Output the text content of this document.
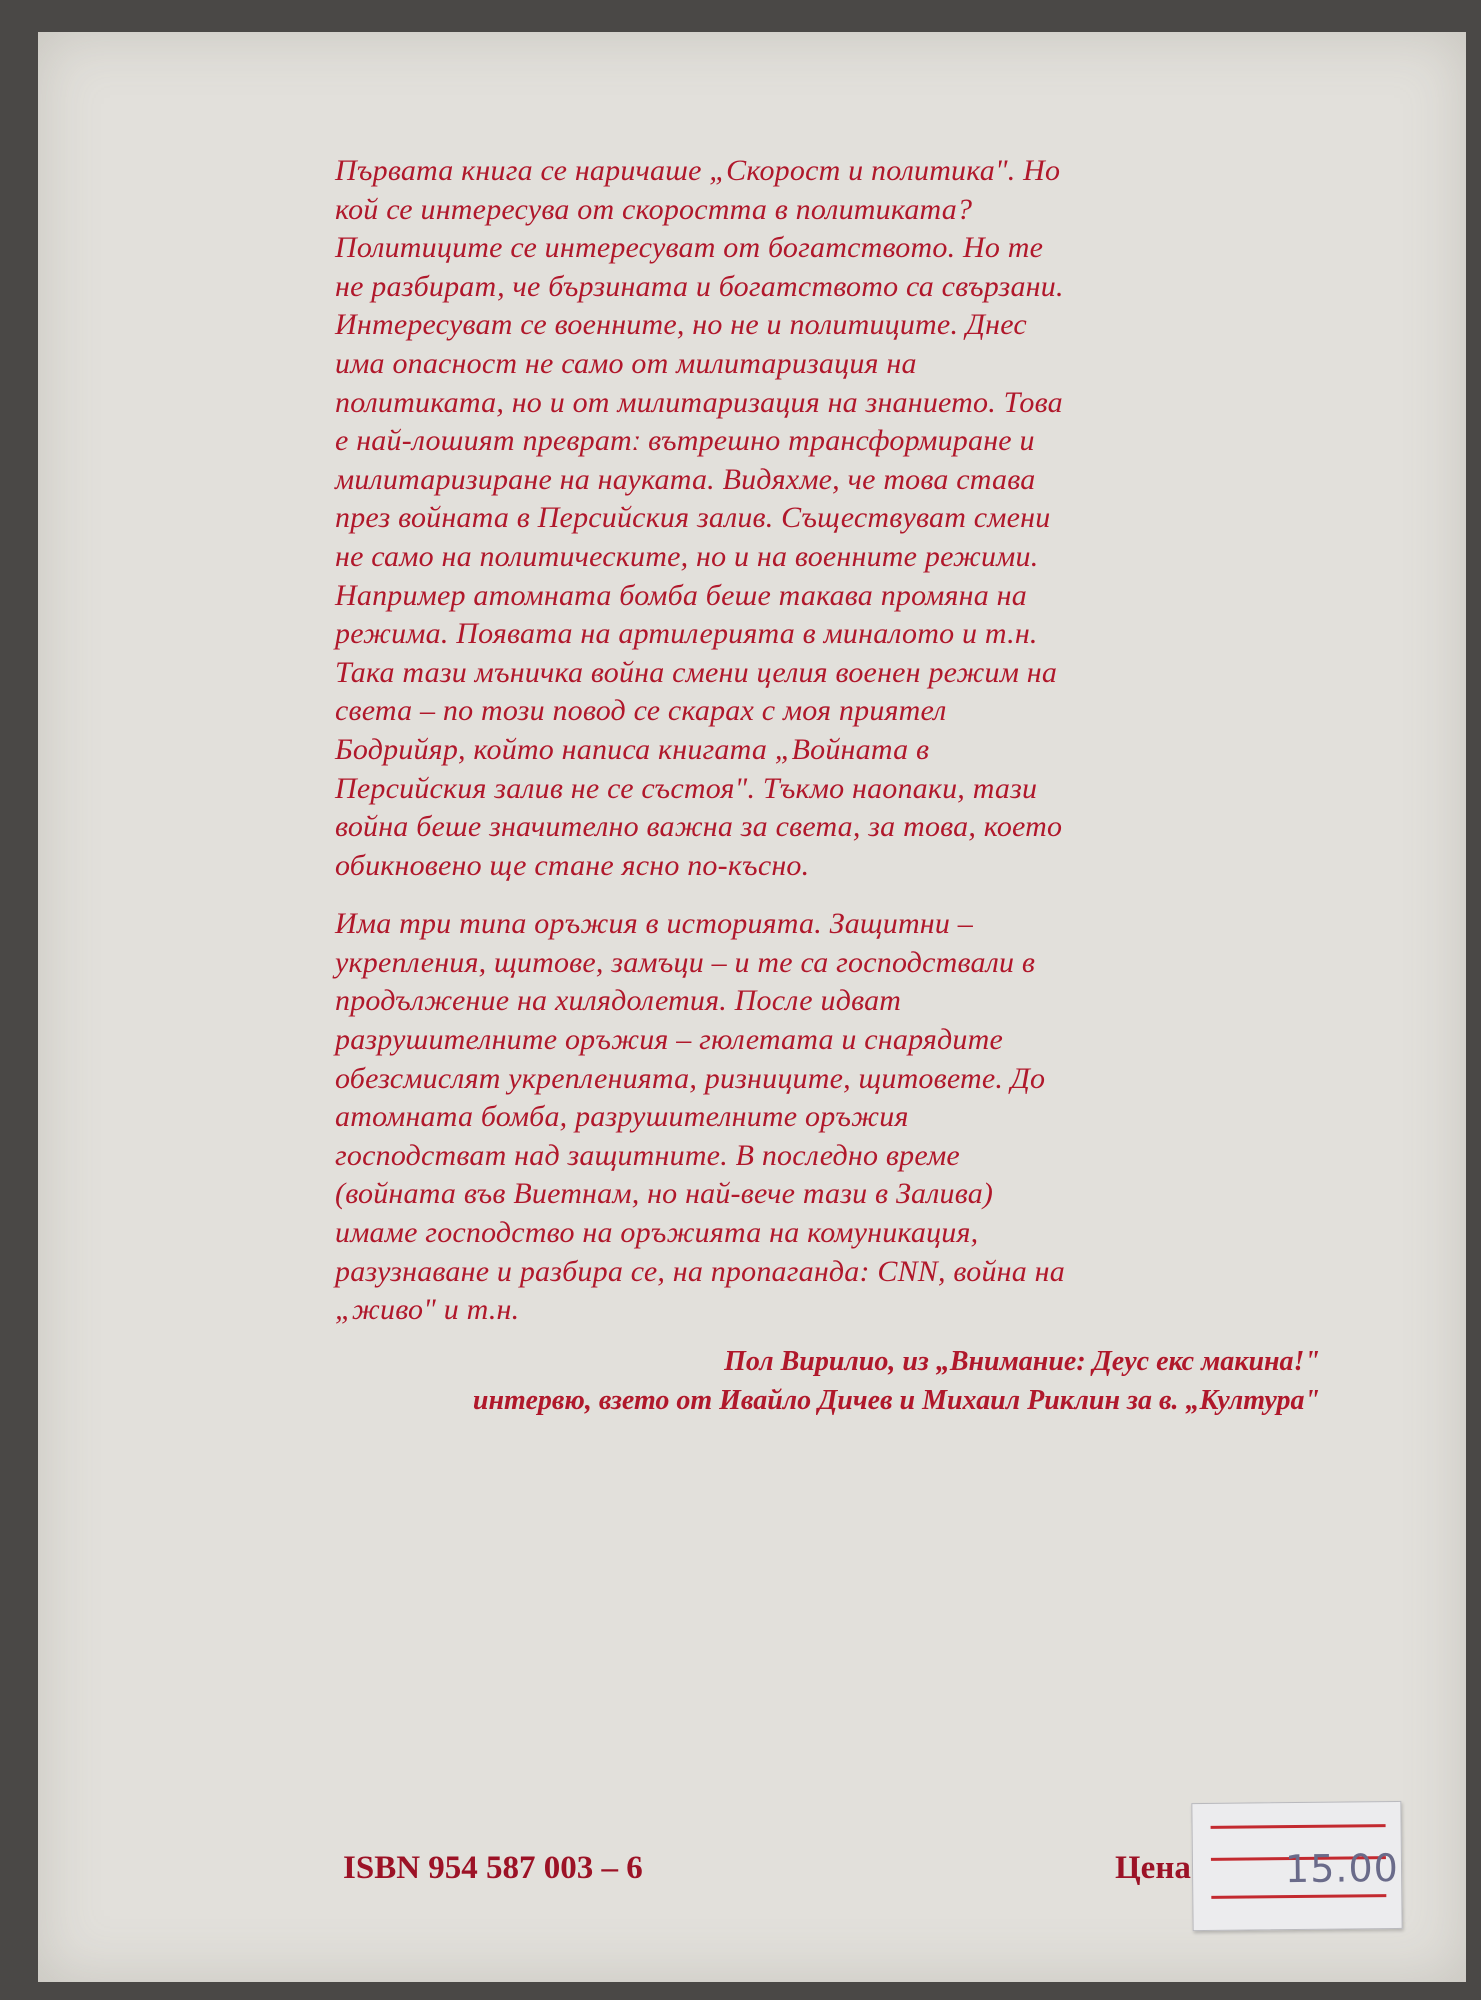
Първата книга се наричаше „Скорост и политика". Но
кой се интересува от скоростта в политиката?
Политиците се интересуват от богатството. Но те
не разбират, че бързината и богатството са свързани.
Интересуват се военните, но не и политиците. Днес
има опасност не само от милитаризация на
политиката, но и от милитаризация на знанието. Това
е най-лошият превратː вътрешно трансформиране и
милитаризиране на науката. Видяхме, че това става
през войната в Персийския залив. Съществуват смени
не само на политическите, но и на военните режими.
Например атомната бомба беше такава промяна на
режима. Появата на артилерията в миналото и т.н.
Така тази мъничка война смени целия военен режим на
света – по този повод се скарах с моя приятел
Бодрийяр, който написа книгата „Войната в
Персийския залив не се състоя". Тъкмо наопаки, тази
война беше значително важна за света, за това, което
обикновено ще стане ясно по-късно.
Има три типа оръжия в историята. Защитни –
укрепления, щитове, замъци – и те са господствали в
продължение на хилядолетия. После идват
разрушителните оръжия – гюлетата и снарядите
обезсмислят укрепленията, ризниците, щитовете. До
атомната бомба, разрушителните оръжия
господстват над защитните. В последно време
(войната във Виетнам, но най-вече тази в Залива)
имаме господство на оръжията на комуникация,
разузнаване и разбира се, на пропаганда: CNN, война на
„живо" и т.н.
Пол Вирилио, из „Внимание: Деус екс макина!"
интервю, взето от Ивайло Дичев и Михаил Риклин за в. „Култура"
ISBN 954 587 003 – 6	Цена 15.00
